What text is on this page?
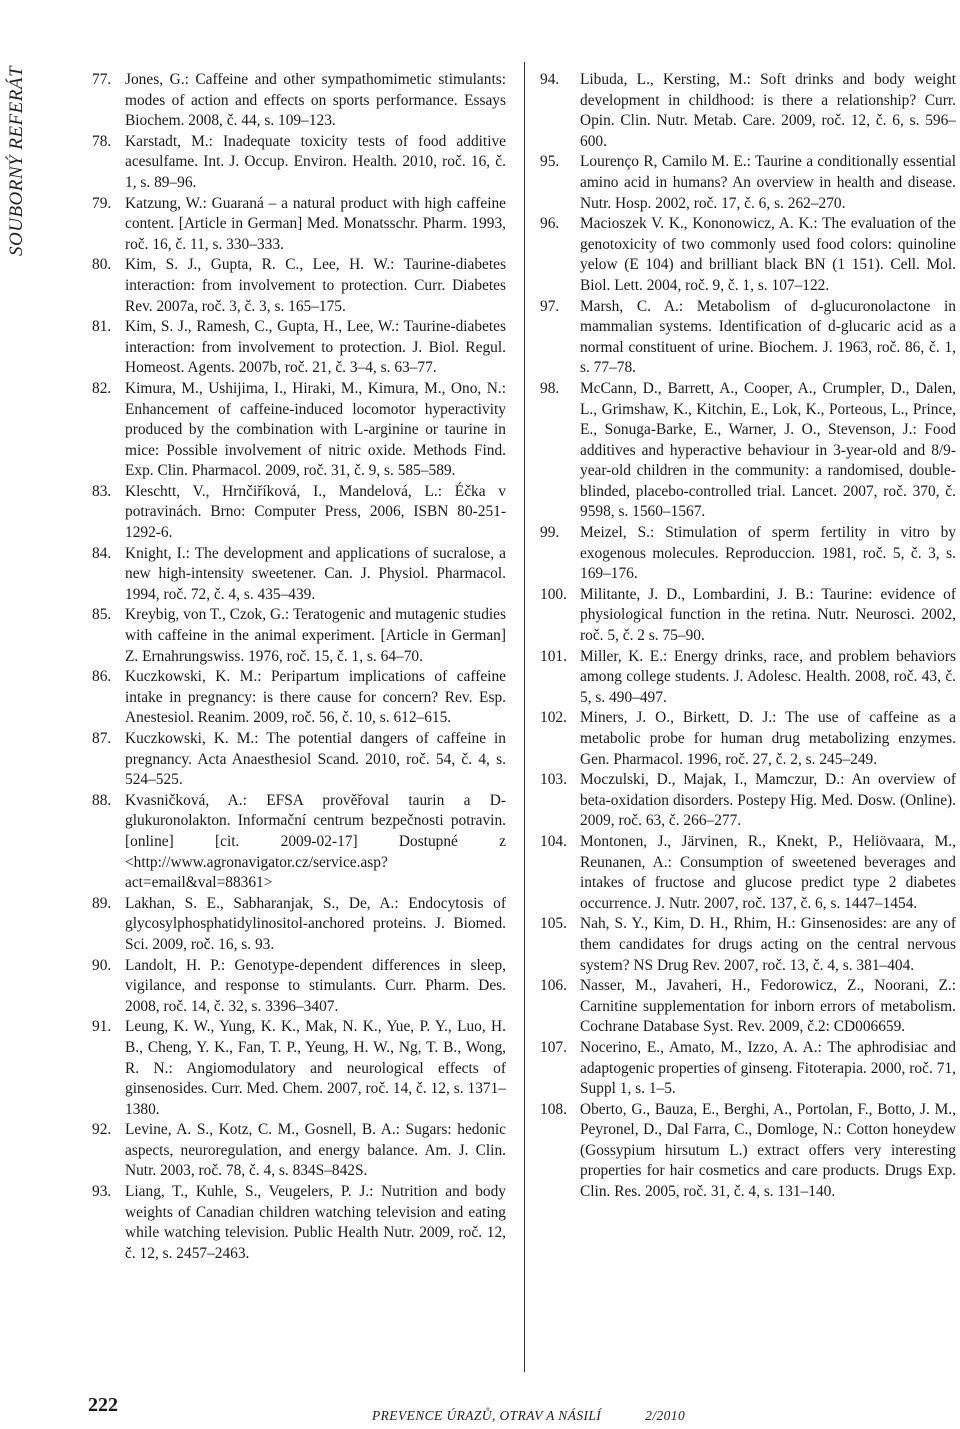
SOUBORNÝ REFERÁT	77. Jones, G.: Caffeine and other sympathomimetic stimulants: modes of action and effects on sports performance. Essays Biochem. 2008, č. 44, s. 109–123.

78. Karstadt, M.: Inadequate toxicity tests of food additive acesulfame. Int. J. Occup. Environ. Health. 2010, roč. 16, č. 1, s. 89–96.

79. Katzung, W.: Guaraná – a natural product with high caffeine content. [Article in German] Med. Monatsschr. Pharm. 1993, roč. 16, č. 11, s. 330–333.

80. Kim, S. J., Gupta, R. C., Lee, H. W.: Taurine-diabetes interaction: from involvement to protection. Curr. Diabetes Rev. 2007a, roč. 3, č. 3, s. 165–175.

81. Kim, S. J., Ramesh, C., Gupta, H., Lee, W.: Taurine-diabetes interaction: from involvement to protection. J. Biol. Regul. Homeost. Agents. 2007b, roč. 21, č. 3–4, s. 63–77.

82. Kimura, M., Ushijima, I., Hiraki, M., Kimura, M., Ono, N.: Enhancement of caffeine-induced locomotor hyperactivity produced by the combination with L-arginine or taurine in mice: Possible involvement of nitric oxide. Methods Find. Exp. Clin. Pharmacol. 2009, roč. 31, č. 9, s. 585–589.

83. Kleschtt, V., Hrnčiříková, I., Mandelová, L.: Éčka v potravinách. Brno: Computer Press, 2006, ISBN 80-251-1292-6.

84. Knight, I.: The development and applications of sucralose, a new high-intensity sweetener. Can. J. Physiol. Pharmacol. 1994, roč. 72, č. 4, s. 435–439.

85. Kreybig, von T., Czok, G.: Teratogenic and mutagenic studies with caffeine in the animal experiment. [Article in German] Z. Ernahrungswiss. 1976, roč. 15, č. 1, s. 64–70.

86. Kuczkowski, K. M.: Peripartum implications of caffeine intake in pregnancy: is there cause for concern? Rev. Esp. Anestesiol. Reanim. 2009, roč. 56, č. 10, s. 612–615.

87. Kuczkowski, K. M.: The potential dangers of caffeine in pregnancy. Acta Anaesthesiol Scand. 2010, roč. 54, č. 4, s. 524–525.

88. Kvasničková, A.: EFSA prověřoval taurin a D-glukuronolakton. Informační centrum bezpečnosti potravin. [online] [cit. 2009-02-17] Dostupné z <http://www.agronavigator.cz/service.asp?act=email&val=88361>

89. Lakhan, S. E., Sabharanjak, S., De, A.: Endocytosis of glycosylphosphatidylinositol-anchored proteins. J. Biomed. Sci. 2009, roč. 16, s. 93.

90. Landolt, H. P.: Genotype-dependent differences in sleep, vigilance, and response to stimulants. Curr. Pharm. Des. 2008, roč. 14, č. 32, s. 3396–3407.

91. Leung, K. W., Yung, K. K., Mak, N. K., Yue, P. Y., Luo, H. B., Cheng, Y. K., Fan, T. P., Yeung, H. W., Ng, T. B., Wong, R. N.: Angiomodulatory and neurological effects of ginsenosides. Curr. Med. Chem. 2007, roč. 14, č. 12, s. 1371–1380.

92. Levine, A. S., Kotz, C. M., Gosnell, B. A.: Sugars: hedonic aspects, neuroregulation, and energy balance. Am. J. Clin. Nutr. 2003, roč. 78, č. 4, s. 834S–842S.

93. Liang, T., Kuhle, S., Veugelers, P. J.: Nutrition and body weights of Canadian children watching television and eating while watching television. Public Health Nutr. 2009, roč. 12, č. 12, s. 2457–2463.

94. Libuda, L., Kersting, M.: Soft drinks and body weight development in childhood: is there a relationship? Curr. Opin. Clin. Nutr. Metab. Care. 2009, roč. 12, č. 6, s. 596–600.

95. Lourenço R, Camilo M. E.: Taurine a conditionally essential amino acid in humans? An overview in health and disease. Nutr. Hosp. 2002, roč. 17, č. 6, s. 262–270.

96. Macioszek V. K., Kononowicz, A. K.: The evaluation of the genotoxicity of two commonly used food colors: quinoline yelow (E 104) and brilliant black BN (1 151). Cell. Mol. Biol. Lett. 2004, roč. 9, č. 1, s. 107–122.

97. Marsh, C. A.: Metabolism of d-glucuronolactone in mammalian systems. Identification of d-glucaric acid as a normal constituent of urine. Biochem. J. 1963, roč. 86, č. 1, s. 77–78.

98. McCann, D., Barrett, A., Cooper, A., Crumpler, D., Dalen, L., Grimshaw, K., Kitchin, E., Lok, K., Porteous, L., Prince, E., Sonuga-Barke, E., Warner, J. O., Stevenson, J.: Food additives and hyperactive behaviour in 3-year-old and 8/9-year-old children in the community: a randomised, double-blinded, placebo-controlled trial. Lancet. 2007, roč. 370, č. 9598, s. 1560–1567.

99. Meizel, S.: Stimulation of sperm fertility in vitro by exogenous molecules. Reproduccion. 1981, roč. 5, č. 3, s. 169–176.

100. Militante, J. D., Lombardini, J. B.: Taurine: evidence of physiological function in the retina. Nutr. Neurosci. 2002, roč. 5, č. 2 s. 75–90.

101. Miller, K. E.: Energy drinks, race, and problem behaviors among college students. J. Adolesc. Health. 2008, roč. 43, č. 5, s. 490–497.

102. Miners, J. O., Birkett, D. J.: The use of caffeine as a metabolic probe for human drug metabolizing enzymes. Gen. Pharmacol. 1996, roč. 27, č. 2, s. 245–249.

103. Moczulski, D., Majak, I., Mamczur, D.: An overview of beta-oxidation disorders. Postepy Hig. Med. Dosw. (Online). 2009, roč. 63, č. 266–277.

104. Montonen, J., Järvinen, R., Knekt, P., Heliövaara, M., Reunanen, A.: Consumption of sweetened beverages and intakes of fructose and glucose predict type 2 diabetes occurrence. J. Nutr. 2007, roč. 137, č. 6, s. 1447–1454.

105. Nah, S. Y., Kim, D. H., Rhim, H.: Ginsenosides: are any of them candidates for drugs acting on the central nervous system? NS Drug Rev. 2007, roč. 13, č. 4, s. 381–404.

106. Nasser, M., Javaheri, H., Fedorowicz, Z., Noorani, Z.: Carnitine supplementation for inborn errors of metabolism. Cochrane Database Syst. Rev. 2009, č.2: CD006659.

107. Nocerino, E., Amato, M., Izzo, A. A.: The aphrodisiac and adaptogenic properties of ginseng. Fitoterapia. 2000, roč. 71, Suppl 1, s. 1–5.

108. Oberto, G., Bauza, E., Berghi, A., Portolan, F., Botto, J. M., Peyronel, D., Dal Farra, C., Domloge, N.: Cotton honeydew (Gossypium hirsutum L.) extract offers very interesting properties for hair cosmetics and care products. Drugs Exp. Clin. Res. 2005, roč. 31, č. 4, s. 131–140.

222	PREVENCE ÚRAZŮ, OTRAV A NÁSILÍ	2/2010
